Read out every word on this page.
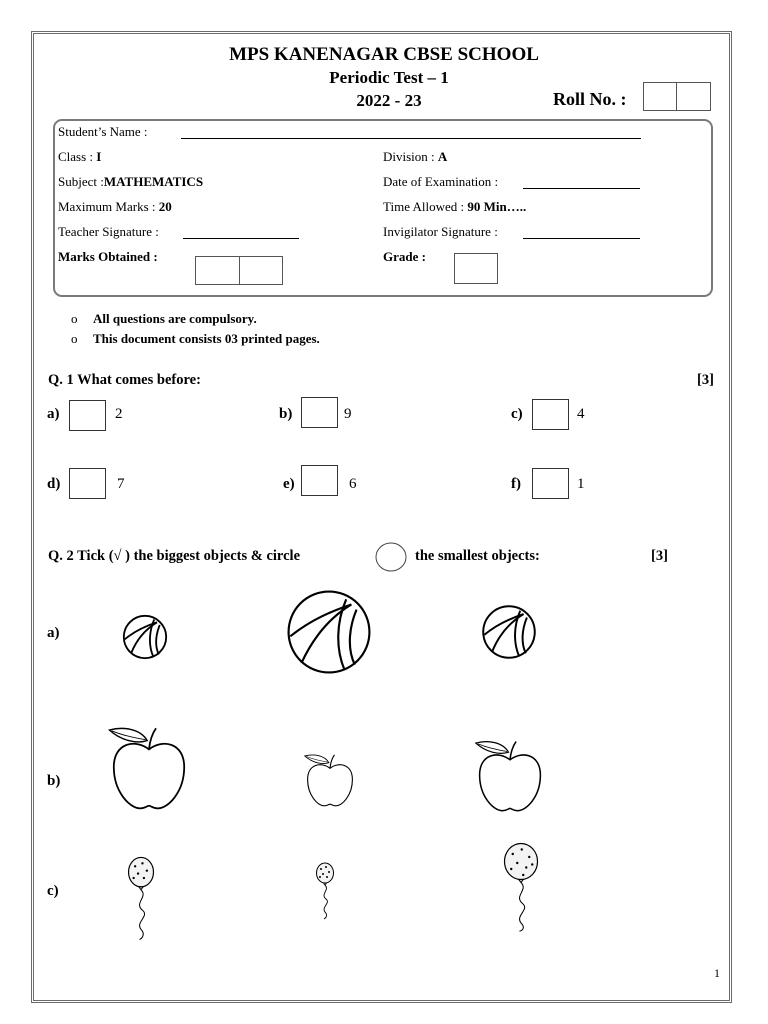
MPS KANENAGAR CBSE SCHOOL
Periodic Test – 1
2022 - 23	Roll No. :
Student’s Name :
Class : I	Division : A
Subject :MATHEMATICS	Date of Examination :
Maximum Marks : 20	Time Allowed : 90 Min…..
Teacher Signature :	Invigilator Signature :
Marks Obtained :	Grade :
o All questions are compulsory.
o This document consists 03 printed pages.
Q. 1 What comes before:	[3]
a)	2	b)	9	c)	4
d)	7	e)	6	f)	1
Q. 2 Tick (√ ) the biggest objects & circle	the smallest objects:	[3]
a)
b)
c)
1
